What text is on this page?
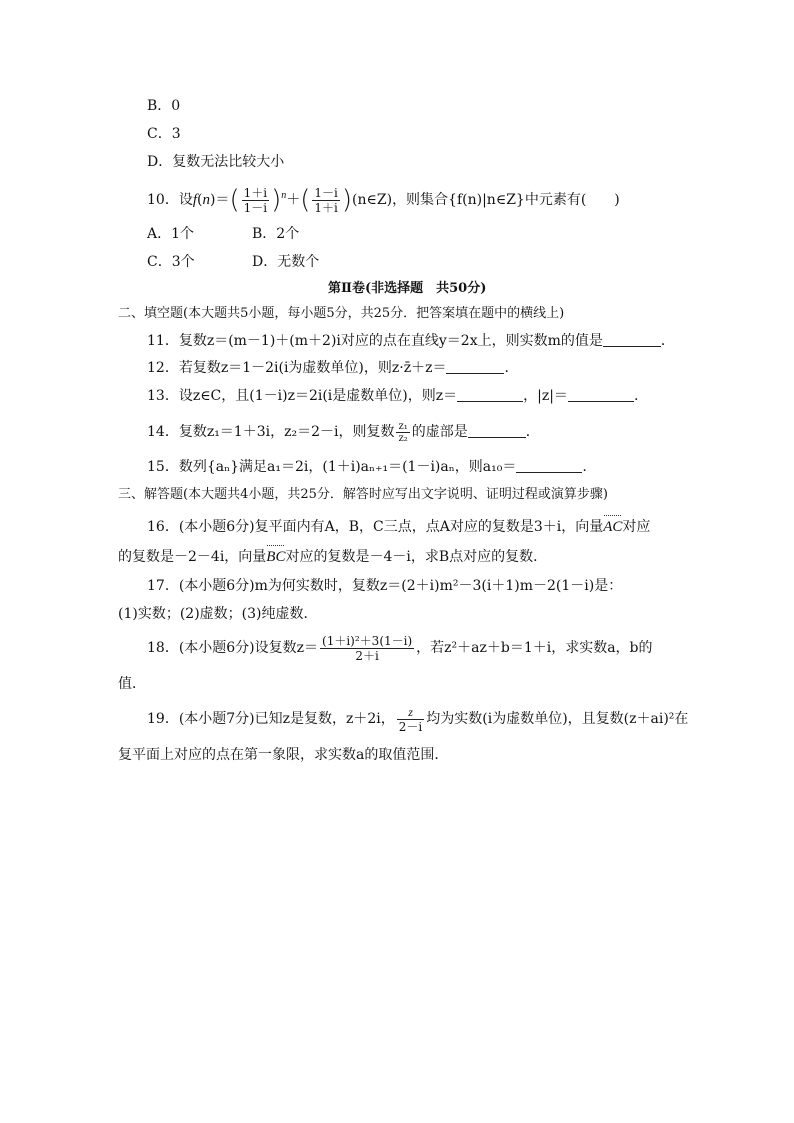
B．0
C．3
D．复数无法比较大小
10．设$f(n)=( \frac{1+i}{1-i} )^n+( \frac{1-i}{1+i}$ )(n∈Z)，则集合{f(n)|n∈Z}中元素有(　　)
A．1个	B．2个
C．3个	D．无数个
第Ⅱ卷(非选择题　共50分)
二、填空题(本大题共5小题，每小题5分，共25分．把答案填在题中的横线上)
11．复数z＝(m－1)＋(m＋2)i对应的点在直线y＝2x上，则实数m的值是	．
12．若复数z＝1－2i(i为虚数单位)，则z·z̄＋z＝	.
13．设z∈C，且(1－i)z＝2i(i是虚数单位)，则z＝	，|z|＝	.
14．复数z₁＝1＋3i，z₂＝2－i，则复数 $\frac{\text{z₁}}{\text{z₂}}$ 的虚部是	．
15．数列{aₙ}满足a₁＝2i，(1＋i)aₙ₊₁＝(1－i)aₙ，则a₁₀＝	.
三、解答题(本大题共4小题，共25分．解答时应写出文字说明、证明过程或演算步骤)
16．(本小题6分)复平面内有A，B，C三点，点A对应的复数是3＋i，向量AC对应
的复数是－2－4i，向量BC对应的复数是－4－i，求B点对应的复数．
17．(本小题6分)m为何实数时，复数z＝(2＋i)m²－3(i＋1)m－2(1－i)是：
(1)实数；(2)虚数；(3)纯虚数．
18．(本小题6分)设复数$z= \frac{\text{(1＋i)²＋3(1－i)}}{2+i}$ ，若z²＋az＋b＝1＋i，求实数a，b的
值．
19．(本小题7分)已知z是复数，z＋2i， $\frac{z}{2-i}$ 均为实数(i为虚数单位)，且复数(z＋ai)²在
复平面上对应的点在第一象限，求实数a的取值范围．
